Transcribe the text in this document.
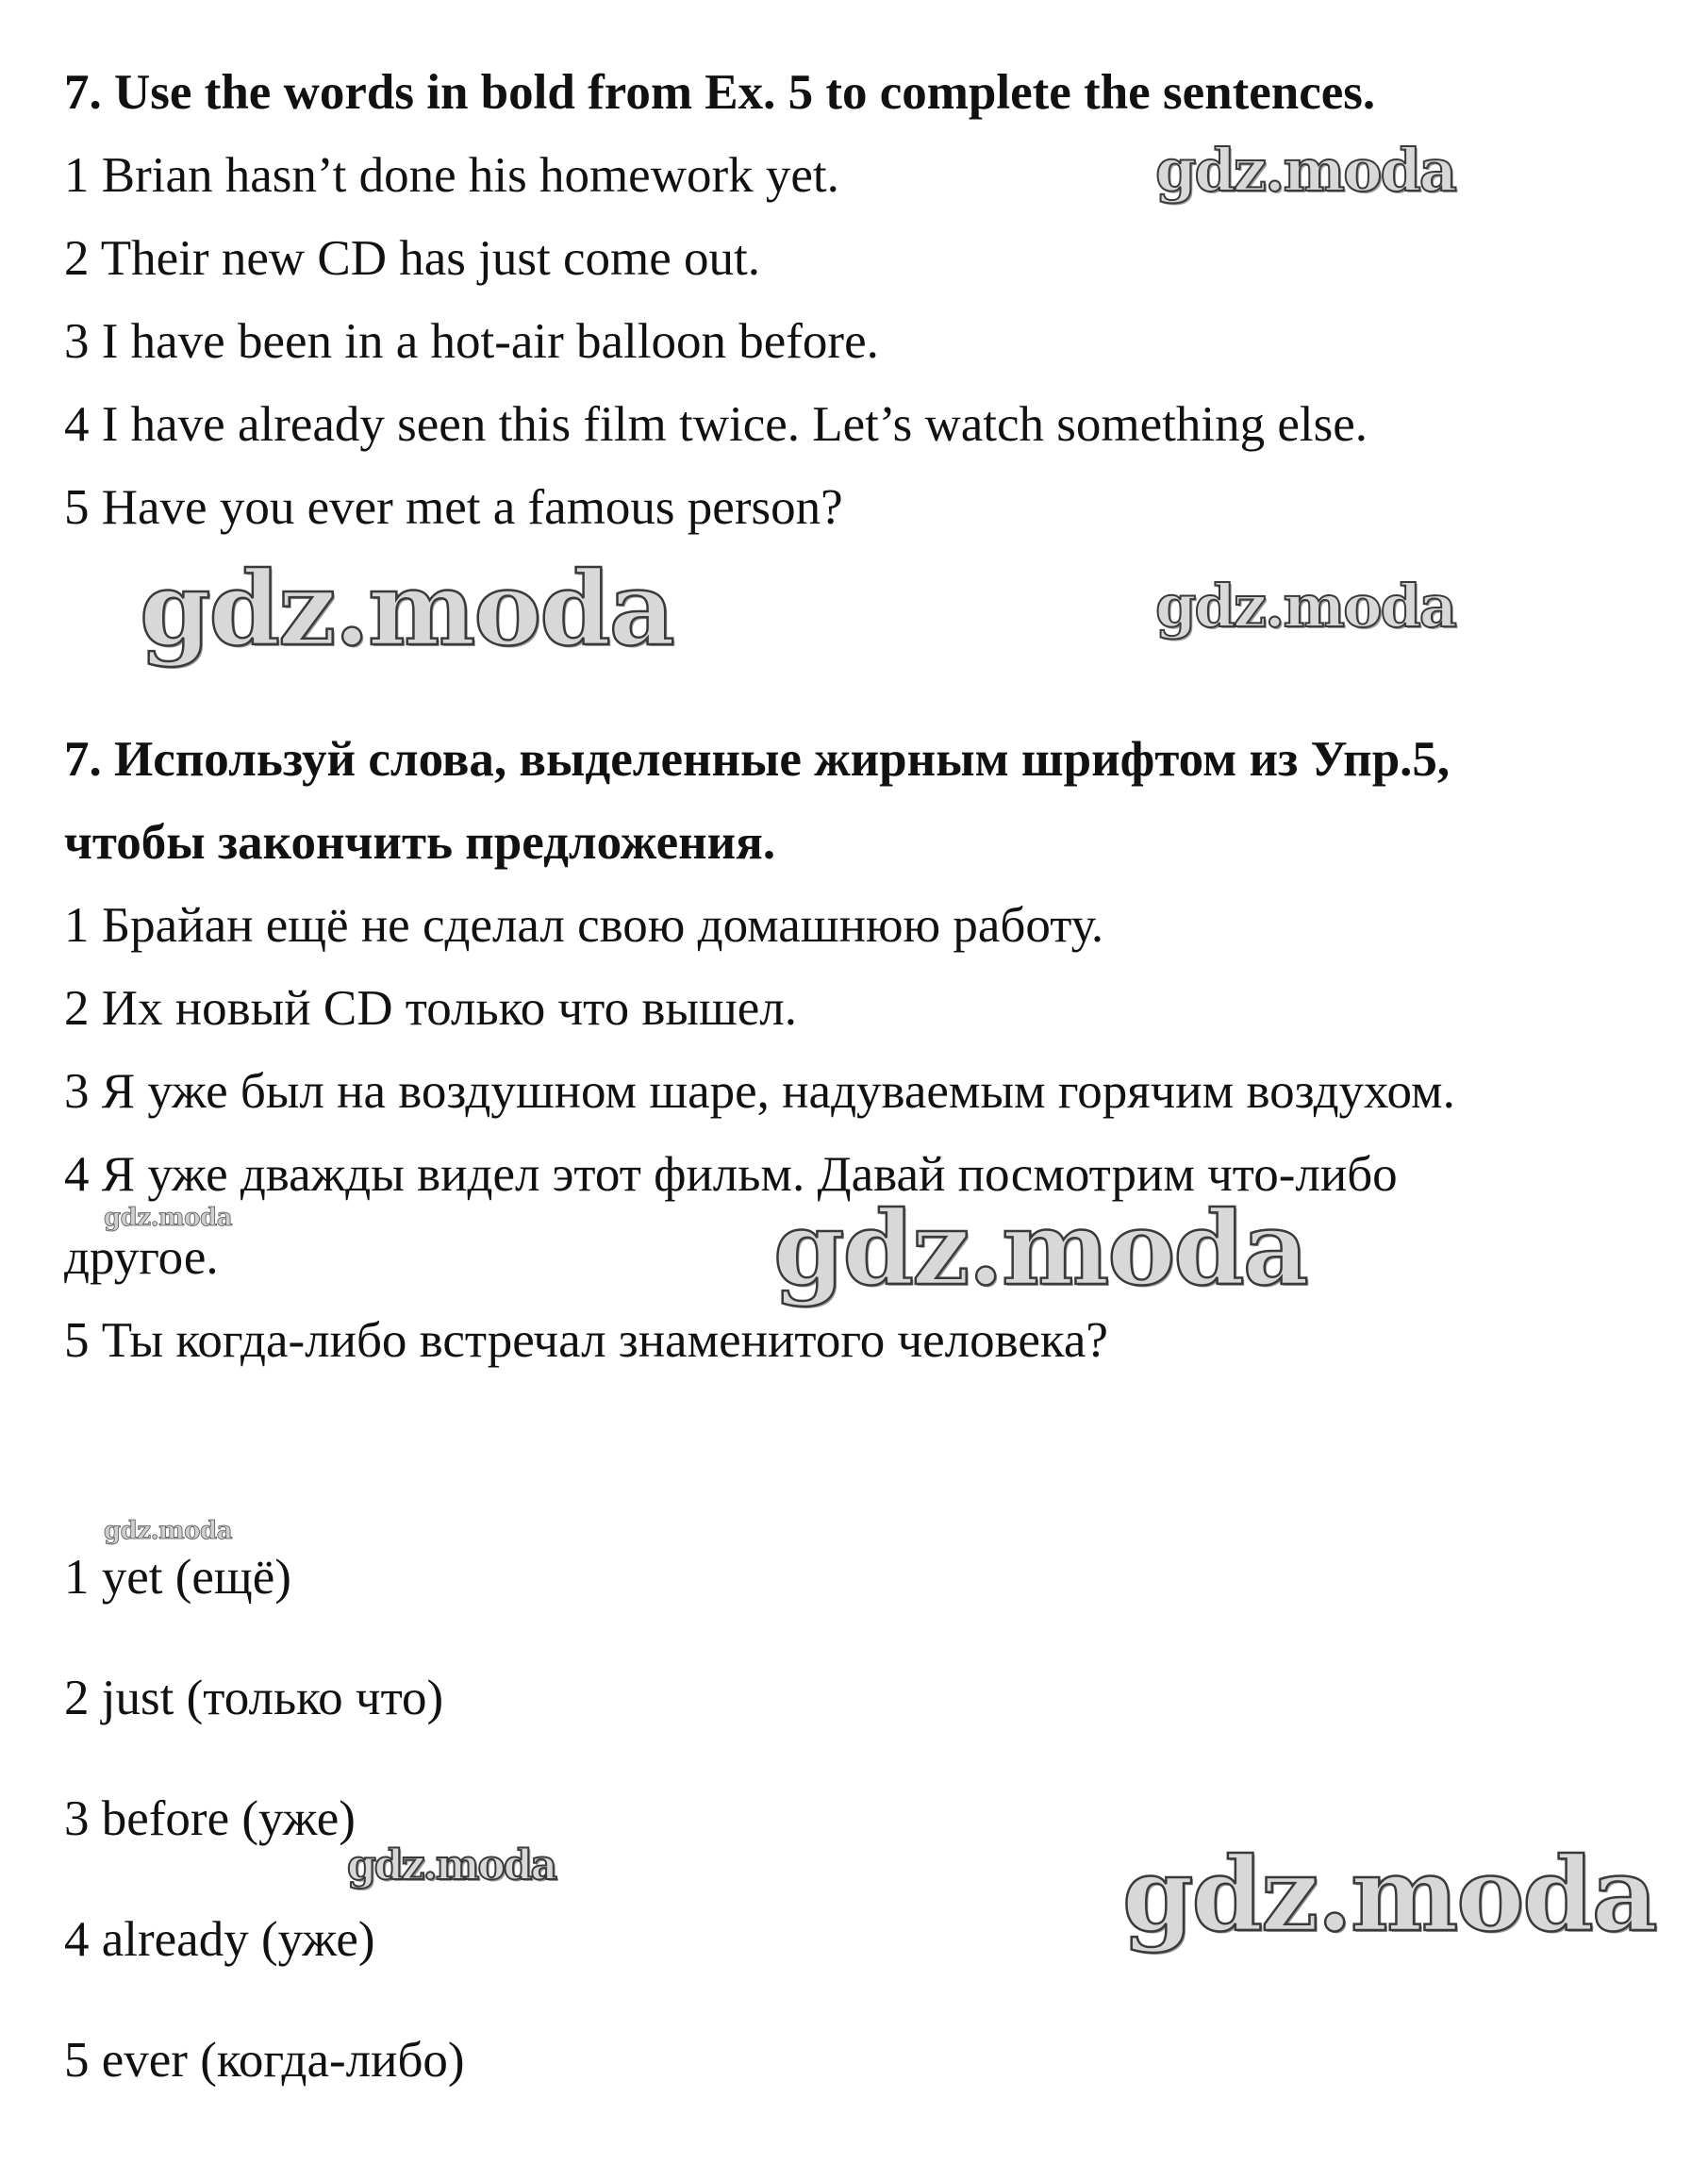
7. Use the words in bold from Ex. 5 to complete the sentences.
1 Brian hasn’t done his homework yet.
2 Their new CD has just come out.
3 I have been in a hot-air balloon before.
4 I have already seen this film twice. Let’s watch something else.
5 Have you ever met a famous person?
7. Используй слова, выделенные жирным шрифтом из Упр.5,
чтобы закончить предложения.
1 Брайан ещё не сделал свою домашнюю работу.
2 Их новый CD только что вышел.
3 Я уже был на воздушном шаре, надуваемым горячим воздухом.
4 Я уже дважды видел этот фильм. Давай посмотрим что-либо
другое.
5 Ты когда-либо встречал знаменитого человека?
1 yet (ещё)
2 just (только что)
3 before (уже)
4 already (уже)
5 ever (когда-либо)
gdz.moda
gdz.moda	gdz.moda
gdz.moda	gdz.moda
gdz.moda
gdz.moda	gdz.moda
